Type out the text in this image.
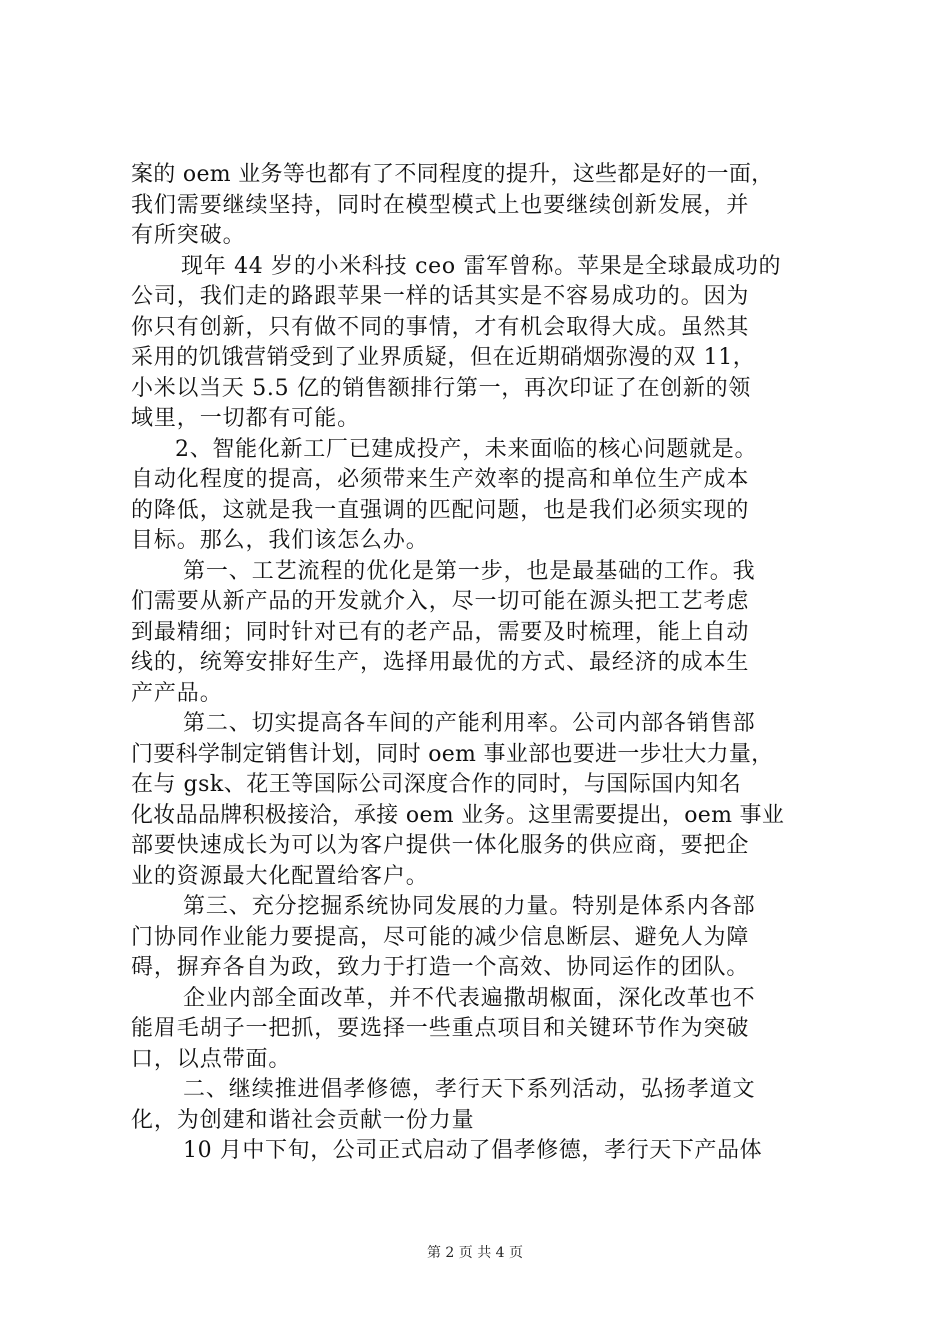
案的 oem 业务等也都有了不同程度的提升，这些都是好的一面，
我们需要继续坚持，同时在模型模式上也要继续创新发展，并
有所突破。
现年 44 岁的小米科技 ceo 雷军曾称。苹果是全球最成功的
公司，我们走的路跟苹果一样的话其实是不容易成功的。因为
你只有创新，只有做不同的事情，才有机会取得大成。虽然其
采用的饥饿营销受到了业界质疑，但在近期硝烟弥漫的双 11，
小米以当天 5.5 亿的销售额排行第一，再次印证了在创新的领
域里，一切都有可能。
2、智能化新工厂已建成投产，未来面临的核心问题就是。
自动化程度的提高，必须带来生产效率的提高和单位生产成本
的降低，这就是我一直强调的匹配问题，也是我们必须实现的
目标。那么，我们该怎么办。
第一、工艺流程的优化是第一步，也是最基础的工作。我
们需要从新产品的开发就介入，尽一切可能在源头把工艺考虑
到最精细；同时针对已有的老产品，需要及时梳理，能上自动
线的，统筹安排好生产，选择用最优的方式、最经济的成本生
产产品。
第二、切实提高各车间的产能利用率。公司内部各销售部
门要科学制定销售计划，同时 oem 事业部也要进一步壮大力量，
在与 gsk、花王等国际公司深度合作的同时，与国际国内知名
化妆品品牌积极接洽，承接 oem 业务。这里需要提出，oem 事业
部要快速成长为可以为客户提供一体化服务的供应商，要把企
业的资源最大化配置给客户。
第三、充分挖掘系统协同发展的力量。特别是体系内各部
门协同作业能力要提高，尽可能的减少信息断层、避免人为障
碍，摒弃各自为政，致力于打造一个高效、协同运作的团队。
企业内部全面改革，并不代表遍撒胡椒面，深化改革也不
能眉毛胡子一把抓，要选择一些重点项目和关键环节作为突破
口，以点带面。
二、继续推进倡孝修德，孝行天下系列活动，弘扬孝道文
化，为创建和谐社会贡献一份力量
10 月中下旬，公司正式启动了倡孝修德，孝行天下产品体
第 2 页 共 4 页
